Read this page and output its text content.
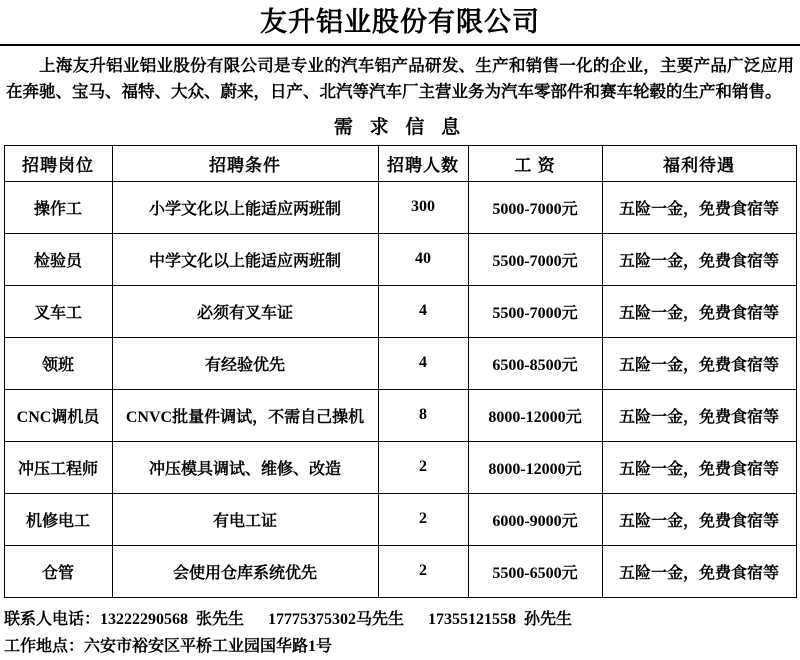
友升铝业股份有限公司
上海友升铝业铝业股份有限公司是专业的汽车铝产品研发、生产和销售一化的企业，主要产品广泛应用在奔驰、宝马、福特、大众、蔚来，日产、北汽等汽车厂主营业务为汽车零部件和赛车轮毂的生产和销售。
需 求 信 息
招聘岗位	招聘条件	招聘人数	工 资	福利待遇
操作工	小学文化以上能适应两班制	300	5000-7000元	五险一金，免费食宿等
检验员	中学文化以上能适应两班制	40	5500-7000元	五险一金，免费食宿等
叉车工	必须有叉车证	4	5500-7000元	五险一金，免费食宿等
领班	有经验优先	4	6500-8500元	五险一金，免费食宿等
CNC调机员	CNVC批量件调试，不需自己操机	8	8000-12000元	五险一金，免费食宿等
冲压工程师	冲压模具调试、维修、改造	2	8000-12000元	五险一金，免费食宿等
机修电工	有电工证	2	6000-9000元	五险一金，免费食宿等
仓管	会使用仓库系统优先	2	5500-6500元	五险一金，免费食宿等
联系人电话：13222290568  张先生      17775375302马先生      17355121558  孙先生
工作地点：六安市裕安区平桥工业园国华路1号
